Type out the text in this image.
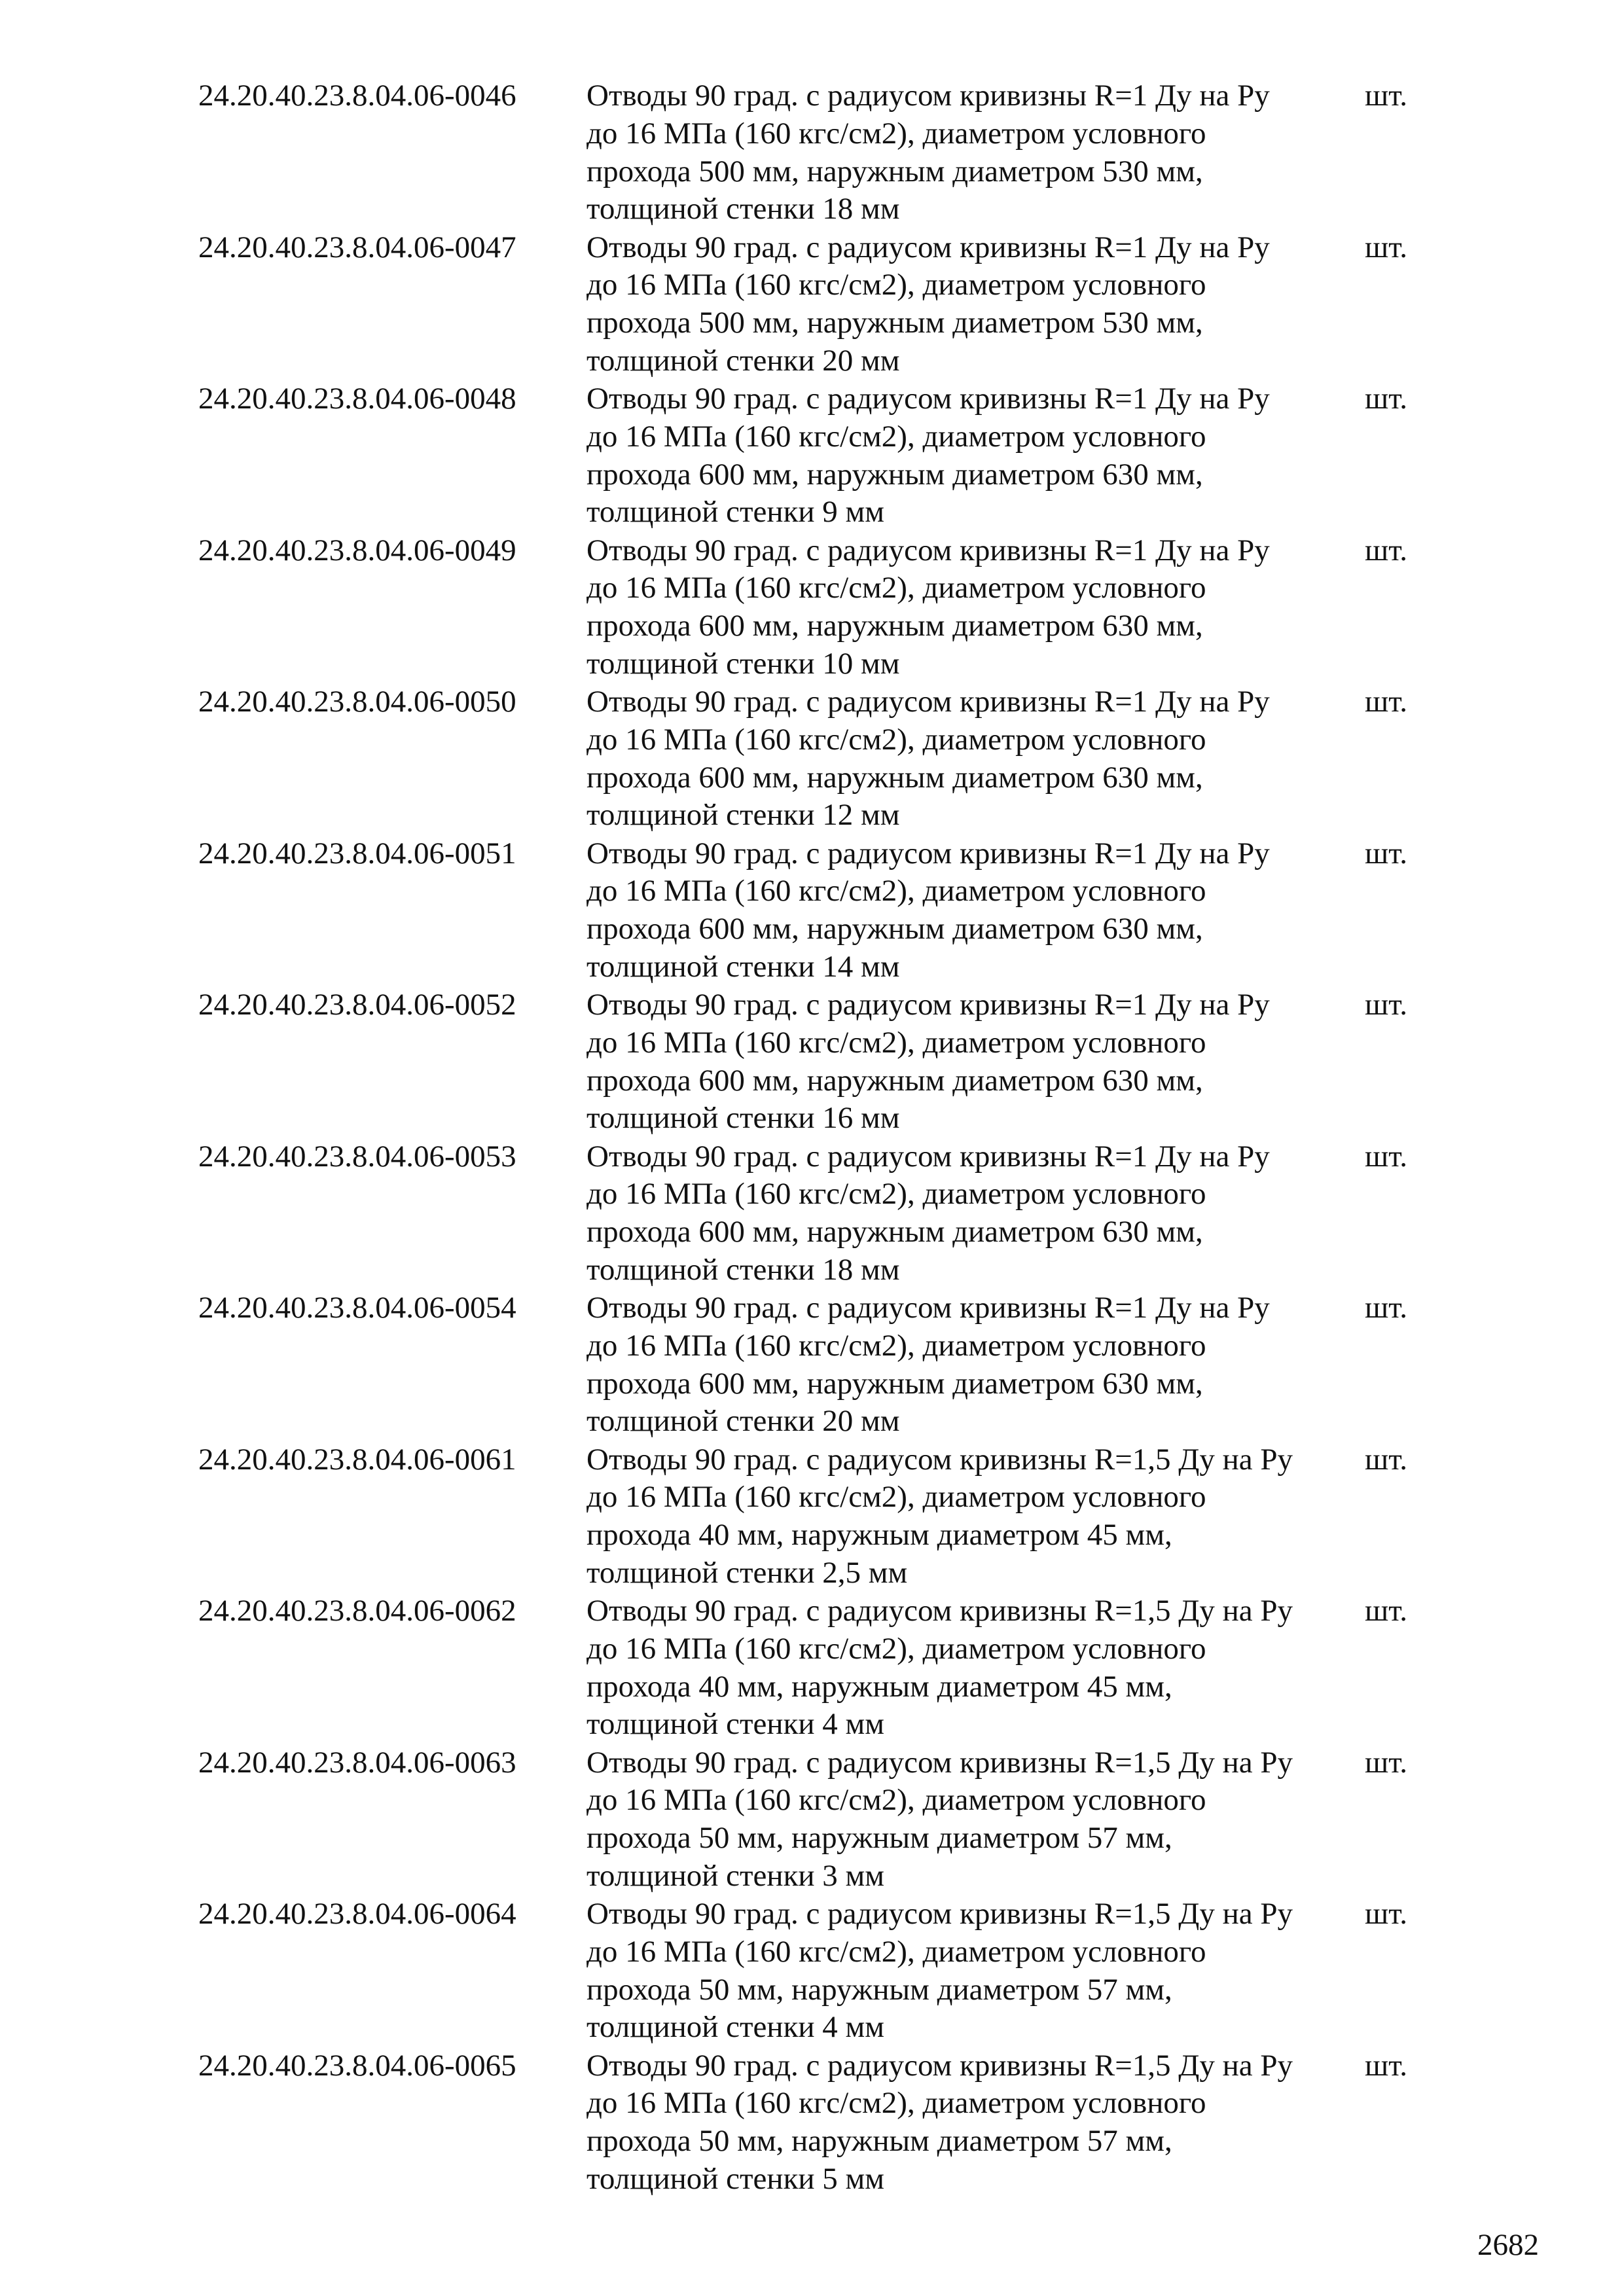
24.20.40.23.8.04.06-0046 Отводы 90 град. с радиусом кривизны R=1 Ду на Ру
до 16 МПа (160 кгс/см2), диаметром условного
прохода 500 мм, наружным диаметром 530 мм,
толщиной стенки 18 мм
шт.
24.20.40.23.8.04.06-0047 Отводы 90 град. с радиусом кривизны R=1 Ду на Ру
до 16 МПа (160 кгс/см2), диаметром условного
прохода 500 мм, наружным диаметром 530 мм,
толщиной стенки 20 мм
шт.
24.20.40.23.8.04.06-0048 Отводы 90 град. с радиусом кривизны R=1 Ду на Ру
до 16 МПа (160 кгс/см2), диаметром условного
прохода 600 мм, наружным диаметром 630 мм,
толщиной стенки 9 мм
шт.
24.20.40.23.8.04.06-0049 Отводы 90 град. с радиусом кривизны R=1 Ду на Ру
до 16 МПа (160 кгс/см2), диаметром условного
прохода 600 мм, наружным диаметром 630 мм,
толщиной стенки 10 мм
шт.
24.20.40.23.8.04.06-0050 Отводы 90 град. с радиусом кривизны R=1 Ду на Ру
до 16 МПа (160 кгс/см2), диаметром условного
прохода 600 мм, наружным диаметром 630 мм,
толщиной стенки 12 мм
шт.
24.20.40.23.8.04.06-0051 Отводы 90 град. с радиусом кривизны R=1 Ду на Ру
до 16 МПа (160 кгс/см2), диаметром условного
прохода 600 мм, наружным диаметром 630 мм,
толщиной стенки 14 мм
шт.
24.20.40.23.8.04.06-0052 Отводы 90 град. с радиусом кривизны R=1 Ду на Ру
до 16 МПа (160 кгс/см2), диаметром условного
прохода 600 мм, наружным диаметром 630 мм,
толщиной стенки 16 мм
шт.
24.20.40.23.8.04.06-0053 Отводы 90 град. с радиусом кривизны R=1 Ду на Ру
до 16 МПа (160 кгс/см2), диаметром условного
прохода 600 мм, наружным диаметром 630 мм,
толщиной стенки 18 мм
шт.
24.20.40.23.8.04.06-0054 Отводы 90 град. с радиусом кривизны R=1 Ду на Ру
до 16 МПа (160 кгс/см2), диаметром условного
прохода 600 мм, наружным диаметром 630 мм,
толщиной стенки 20 мм
шт.
24.20.40.23.8.04.06-0061 Отводы 90 град. с радиусом кривизны R=1,5 Ду на Ру
до 16 МПа (160 кгс/см2), диаметром условного
прохода 40 мм, наружным диаметром 45 мм,
толщиной стенки 2,5 мм
шт.
24.20.40.23.8.04.06-0062 Отводы 90 град. с радиусом кривизны R=1,5 Ду на Ру
до 16 МПа (160 кгс/см2), диаметром условного
прохода 40 мм, наружным диаметром 45 мм,
толщиной стенки 4 мм
шт.
24.20.40.23.8.04.06-0063 Отводы 90 град. с радиусом кривизны R=1,5 Ду на Ру
до 16 МПа (160 кгс/см2), диаметром условного
прохода 50 мм, наружным диаметром 57 мм,
толщиной стенки 3 мм
шт.
24.20.40.23.8.04.06-0064 Отводы 90 град. с радиусом кривизны R=1,5 Ду на Ру
до 16 МПа (160 кгс/см2), диаметром условного
прохода 50 мм, наружным диаметром 57 мм,
толщиной стенки 4 мм
шт.
24.20.40.23.8.04.06-0065 Отводы 90 град. с радиусом кривизны R=1,5 Ду на Ру
до 16 МПа (160 кгс/см2), диаметром условного
прохода 50 мм, наружным диаметром 57 мм,
толщиной стенки 5 мм
шт.
2682
